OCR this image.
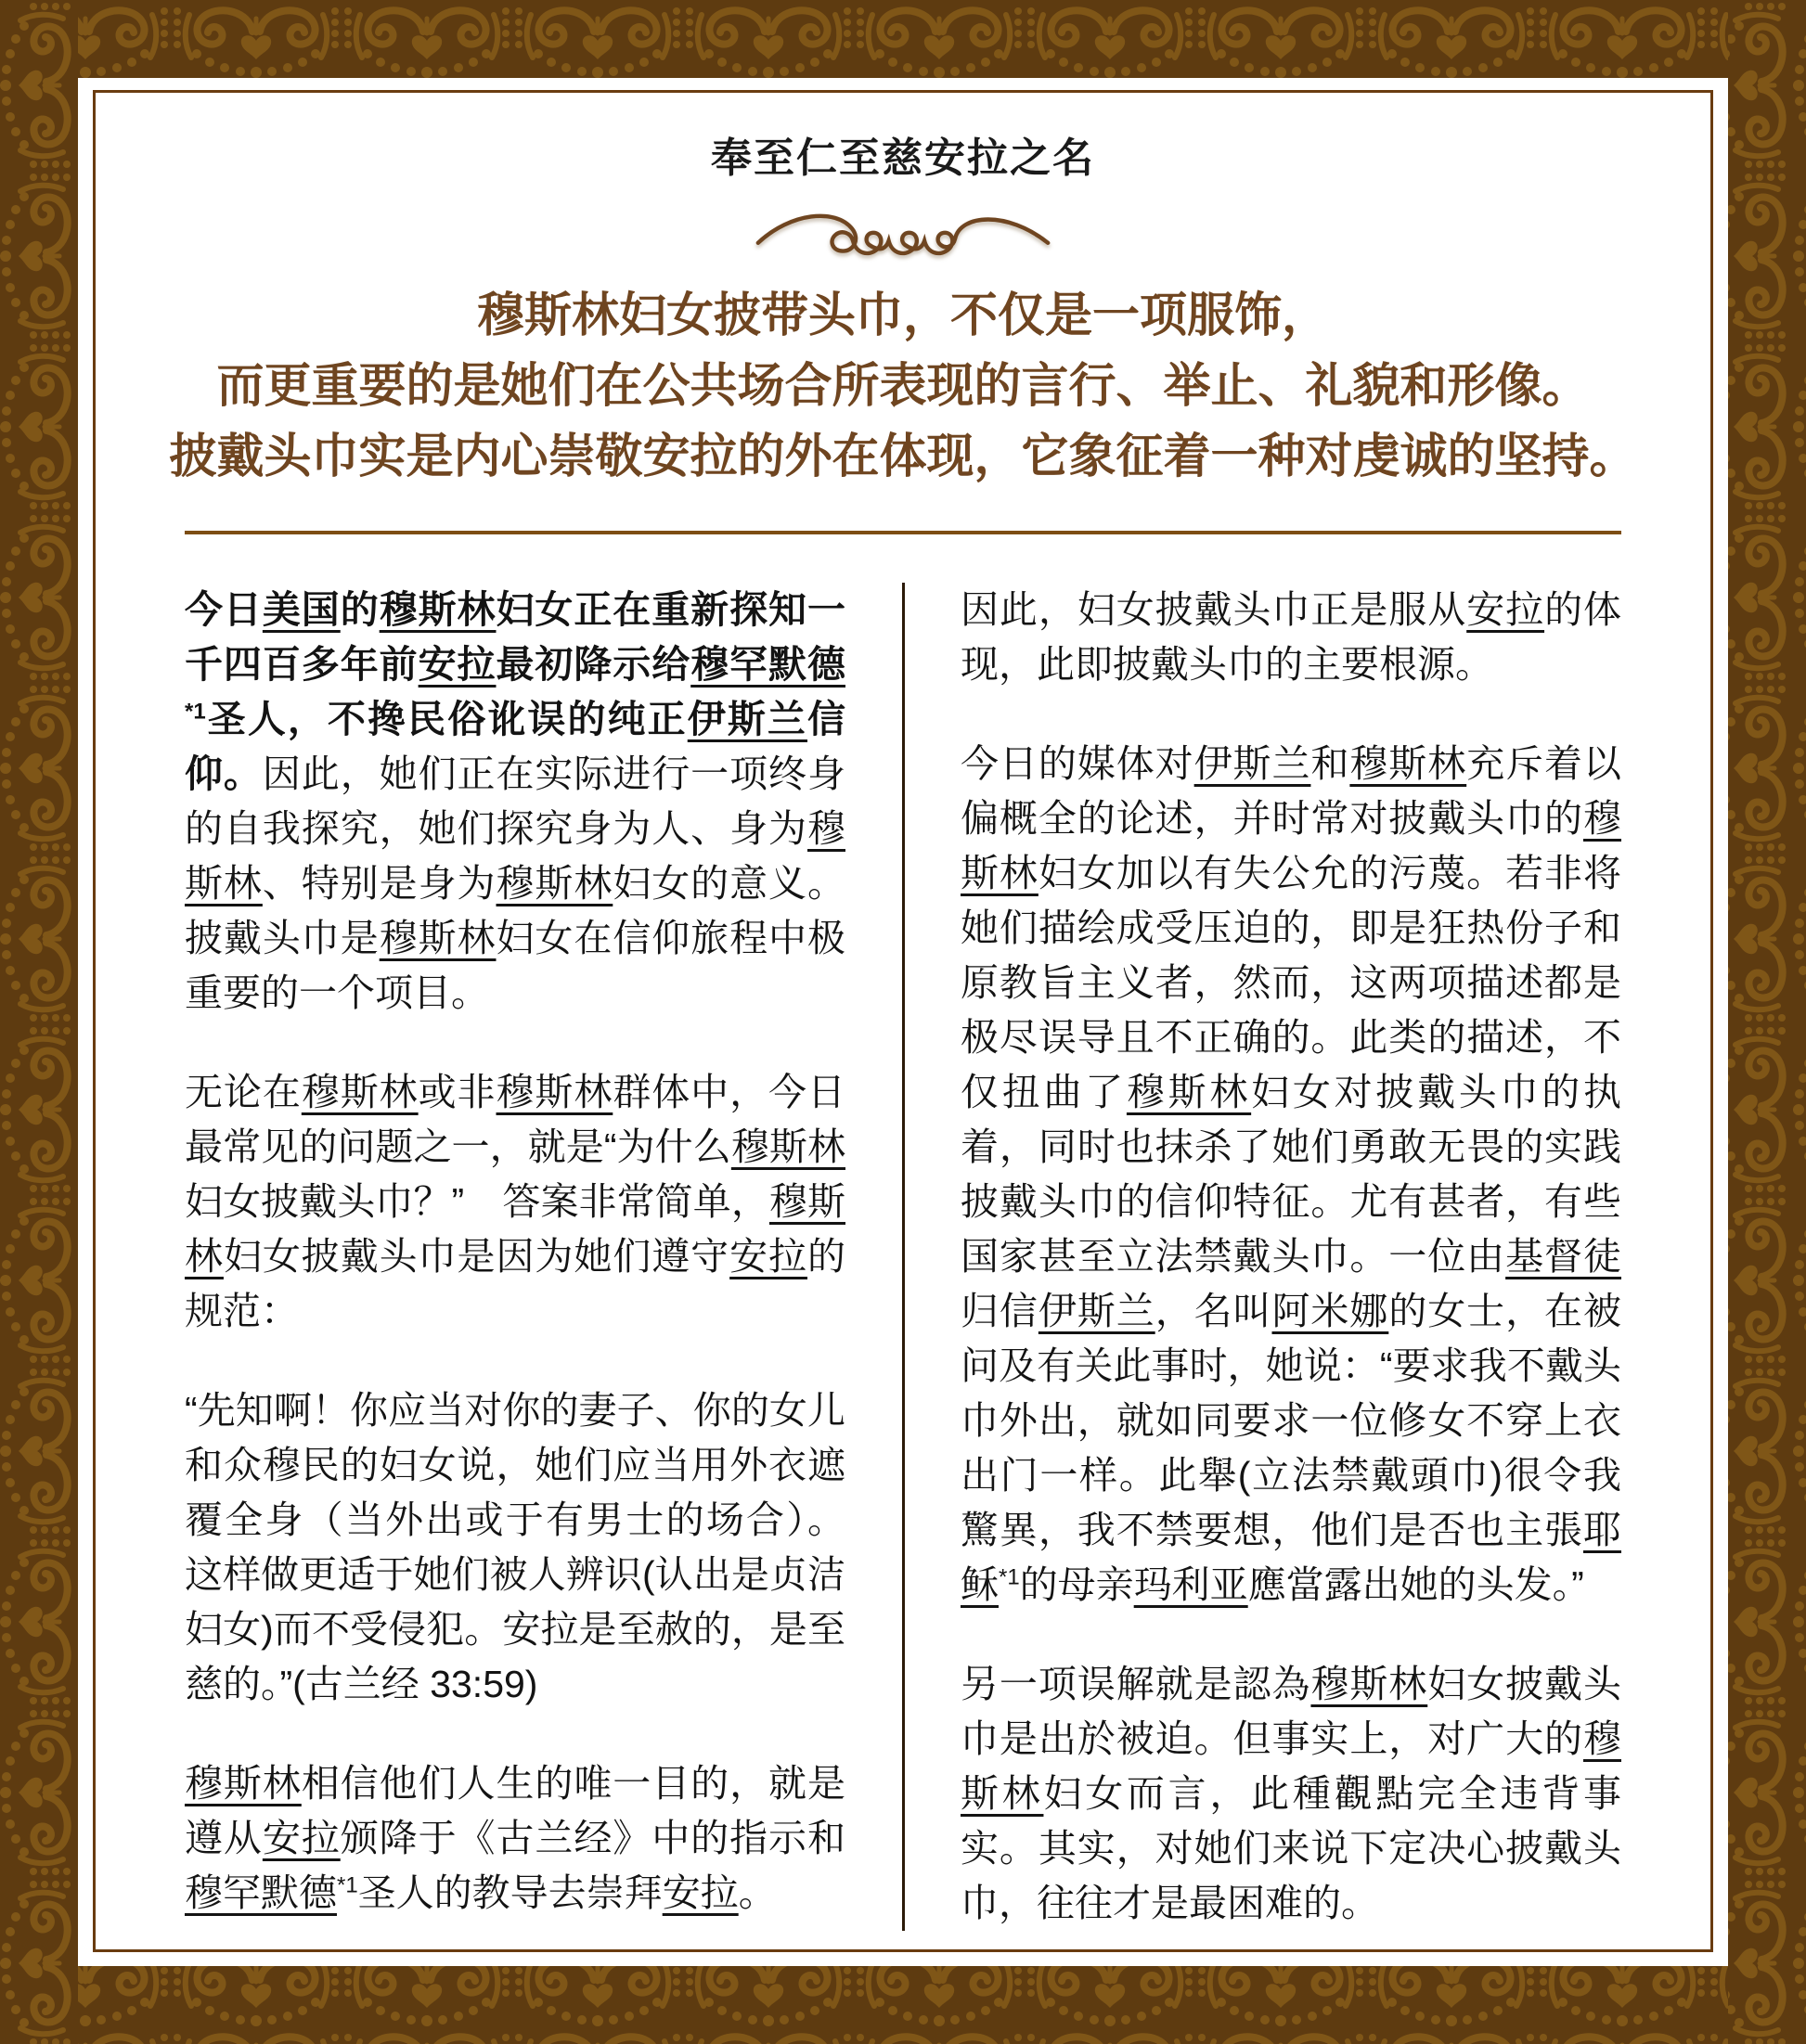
奉至仁至慈安拉之名
穆斯林妇女披带头巾，不仅是一项服饰，
而更重要的是她们在公共场合所表现的言行、举止、礼貌和形像。
披戴头巾实是内心崇敬安拉的外在体现，它象征着一种对虔诚的坚持。

今日美国的穆斯林妇女正在重新探知一千四百多年前安拉最初降示给穆罕默德$^{*1}$圣人，不搀民俗讹误的纯正伊斯兰信仰。因此，她们正在实际进行一项终身的自我探究，她们探究身为人、身为穆斯林、特别是身为穆斯林妇女的意义。披戴头巾是穆斯林妇女在信仰旅程中极重要的一个项目。

无论在穆斯林或非穆斯林群体中，今日最常见的问题之一，就是“为什么穆斯林妇女披戴头巾？”　答案非常简单，穆斯林妇女披戴头巾是因为她们遵守安拉的规范：

“先知啊！你应当对你的妻子、你的女儿和众穆民的妇女说，她们应当用外衣遮覆全身（当外出或于有男士的场合）。这样做更适于她们被人辨识(认出是贞洁妇女)而不受侵犯。安拉是至赦的，是至慈的。”(古兰经 33:59)

穆斯林相信他们人生的唯一目的，就是遵从安拉颁降于《古兰经》中的指示和穆罕默德$^{*1}$圣人的教导去崇拜安拉。

因此，妇女披戴头巾正是服从安拉的体现，此即披戴头巾的主要根源。

今日的媒体对伊斯兰和穆斯林充斥着以偏概全的论述，并时常对披戴头巾的穆斯林妇女加以有失公允的污蔑。若非将她们描绘成受压迫的，即是狂热份子和原教旨主义者，然而，这两项描述都是极尽误导且不正确的。此类的描述，不仅扭曲了穆斯林妇女对披戴头巾的执着，同时也抹杀了她们勇敢无畏的实践披戴头巾的信仰特征。尤有甚者，有些国家甚至立法禁戴头巾。一位由基督徒归信伊斯兰，名叫阿米娜的女士，在被问及有关此事时，她说：“要求我不戴头巾外出，就如同要求一位修女不穿上衣出门一样。此舉(立法禁戴頭巾)很令我驚異，我不禁要想，他们是否也主張耶稣$^{*1}$的母亲玛利亚應當露出她的头发。”

另一项误解就是認為穆斯林妇女披戴头巾是出於被迫。但事实上，对广大的穆斯林妇女而言，此種觀點完全违背事实。其实，对她们来说下定决心披戴头巾，往往才是最困难的。
